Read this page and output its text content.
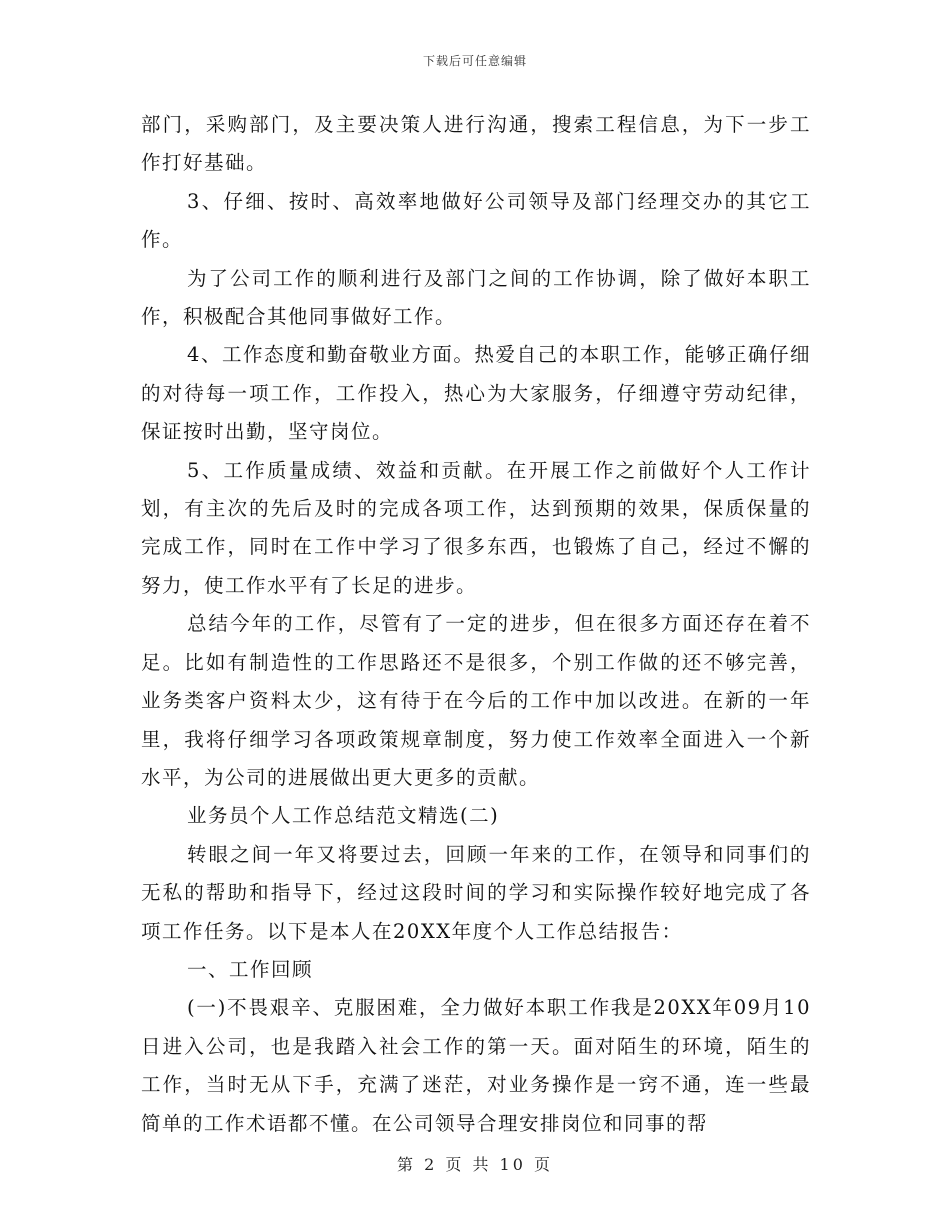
下载后可任意编辑

部门，采购部门，及主要决策人进行沟通，搜索工程信息，为下一步工作打好基础。

3、仔细、按时、高效率地做好公司领导及部门经理交办的其它工作。

为了公司工作的顺利进行及部门之间的工作协调，除了做好本职工作，积极配合其他同事做好工作。

4、工作态度和勤奋敬业方面。热爱自己的本职工作，能够正确仔细的对待每一项工作，工作投入，热心为大家服务，仔细遵守劳动纪律，保证按时出勤，坚守岗位。

5、工作质量成绩、效益和贡献。在开展工作之前做好个人工作计划，有主次的先后及时的完成各项工作，达到预期的效果，保质保量的完成工作，同时在工作中学习了很多东西，也锻炼了自己，经过不懈的努力，使工作水平有了长足的进步。

总结今年的工作，尽管有了一定的进步，但在很多方面还存在着不足。比如有制造性的工作思路还不是很多，个别工作做的还不够完善，业务类客户资料太少，这有待于在今后的工作中加以改进。在新的一年里，我将仔细学习各项政策规章制度，努力使工作效率全面进入一个新水平，为公司的进展做出更大更多的贡献。

业务员个人工作总结范文精选(二)

转眼之间一年又将要过去，回顾一年来的工作，在领导和同事们的无私的帮助和指导下，经过这段时间的学习和实际操作较好地完成了各项工作任务。以下是本人在20XX年度个人工作总结报告：

一、工作回顾

(一)不畏艰辛、克服困难，全力做好本职工作我是20XX年09月10日进入公司，也是我踏入社会工作的第一天。面对陌生的环境，陌生的工作，当时无从下手，充满了迷茫，对业务操作是一窍不通，连一些最简单的工作术语都不懂。在公司领导合理安排岗位和同事的帮

第 2 页 共 10 页
